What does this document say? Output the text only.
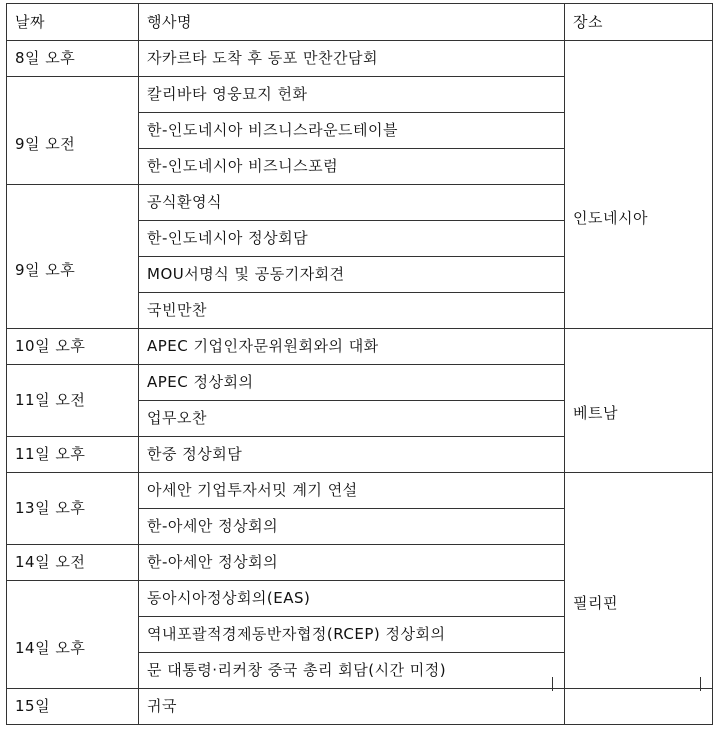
날짜	행사명	장소
8일 오후	자카르타 도착 후 동포 만찬간담회	인도네시아
9일 오전	칼리바타 영웅묘지 헌화	
	한-인도네시아 비즈니스라운드테이블	
	한-인도네시아 비즈니스포럼	
9일 오후	공식환영식	
	한-인도네시아 정상회담	
	MOU서명식 및 공동기자회견	
	국빈만찬	
10일 오후	APEC 기업인자문위원회와의 대화	베트남
11일 오전	APEC 정상회의	
	업무오찬	
11일 오후	한중 정상회담	
13일 오후	아세안 기업투자서밋 계기 연설	필리핀
	한-아세안 정상회의	
14일 오전	한-아세안 정상회의	
14일 오후	동아시아정상회의(EAS)	
	역내포괄적경제동반자협정(RCEP) 정상회의	
	문 대통령·리커창 중국 총리 회담(시간 미정)	
15일	귀국	
